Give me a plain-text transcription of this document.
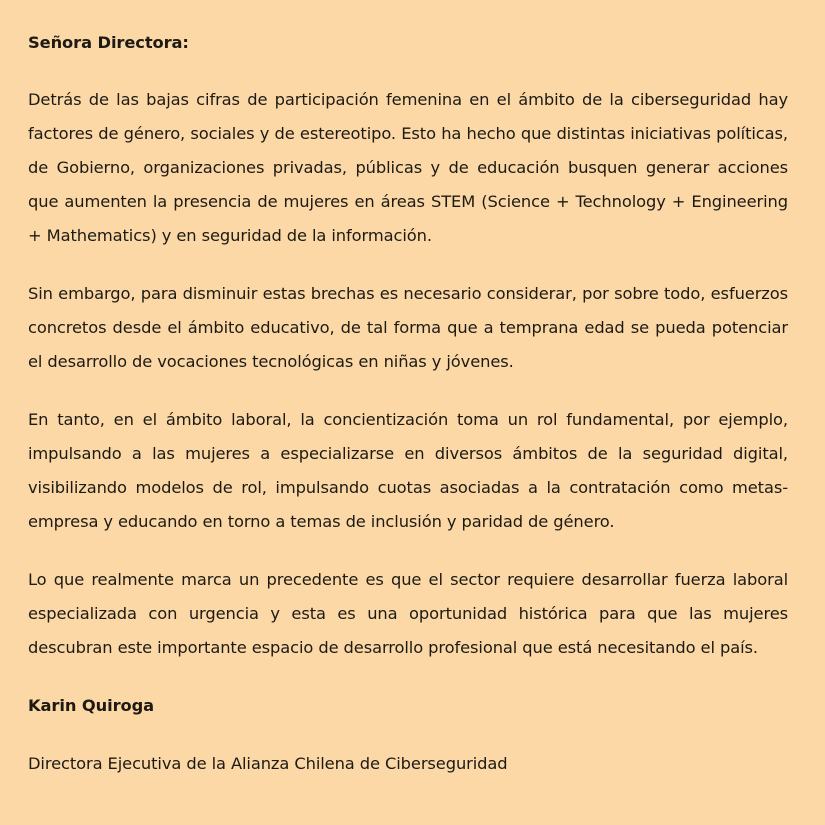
Señora Directora:

Detrás de las bajas cifras de participación femenina en el ámbito de la ciberseguridad hay factores de género, sociales y de estereotipo. Esto ha hecho que distintas iniciativas políticas, de Gobierno, organizaciones privadas, públicas y de educación busquen generar acciones que aumenten la presencia de mujeres en áreas STEM (Science + Technology + Engineering + Mathematics) y en seguridad de la información.

Sin embargo, para disminuir estas brechas es necesario considerar, por sobre todo, esfuerzos concretos desde el ámbito educativo, de tal forma que a temprana edad se pueda potenciar el desarrollo de vocaciones tecnológicas en niñas y jóvenes.

En tanto, en el ámbito laboral, la concientización toma un rol fundamental, por ejemplo, impulsando a las mujeres a especializarse en diversos ámbitos de la seguridad digital, visibilizando modelos de rol, impulsando cuotas asociadas a la contratación como metas-empresa y educando en torno a temas de inclusión y paridad de género.

Lo que realmente marca un precedente es que el sector requiere desarrollar fuerza laboral especializada con urgencia y esta es una oportunidad histórica para que las mujeres descubran este importante espacio de desarrollo profesional que está necesitando el país.

Karin Quiroga
Directora Ejecutiva de la Alianza Chilena de Ciberseguridad
